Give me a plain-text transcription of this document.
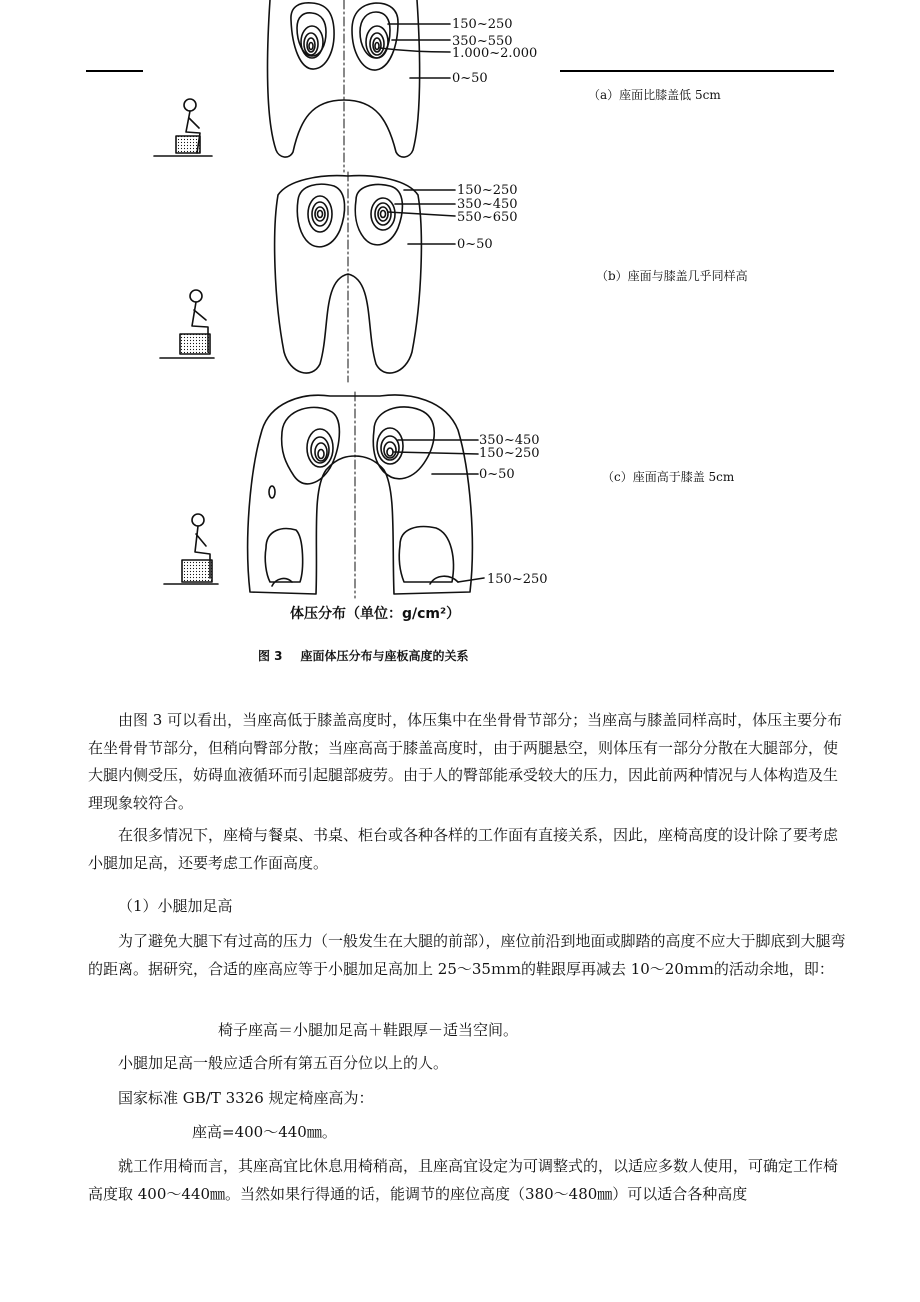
150~250
350~550
1.000~2.000
0~50
150~250
350~450
550~650
0~50
350~450
150~250
0~50
150~250
（a）座面比膝盖低 5cm
（b）座面与膝盖几乎同样高
（c）座面高于膝盖 5cm
体压分布（单位：g/cm²）
图 3 座面体压分布与座板高度的关系

由图 3 可以看出，当座高低于膝盖高度时，体压集中在坐骨骨节部分；当座高与膝盖同样高时，体压主要分布在坐骨骨节部分，但稍向臀部分散；当座高高于膝盖高度时，由于两腿悬空，则体压有一部分分散在大腿部分，使大腿内侧受压，妨碍血液循环而引起腿部疲劳。由于人的臀部能承受较大的压力，因此前两种情况与人体构造及生理现象较符合。

在很多情况下，座椅与餐桌、书桌、柜台或各种各样的工作面有直接关系，因此，座椅高度的设计除了要考虑小腿加足高，还要考虑工作面高度。

（1）小腿加足高

为了避免大腿下有过高的压力（一般发生在大腿的前部），座位前沿到地面或脚踏的高度不应大于脚底到大腿弯的距离。据研究，合适的座高应等于小腿加足高加上 25～35ｍｍ的鞋跟厚再减去 10～20ｍｍ的活动余地，即：

椅子座高＝小腿加足高＋鞋跟厚－适当空间。
小腿加足高一般应适合所有第五百分位以上的人。
国家标准 GB/T 3326 规定椅座高为：
座高=400～440㎜。

就工作用椅而言，其座高宜比休息用椅稍高，且座高宜设定为可调整式的，以适应多数人使用，可确定工作椅高度取 400～440㎜。当然如果行得通的话，能调节的座位高度（380～480㎜）可以适合各种高度
